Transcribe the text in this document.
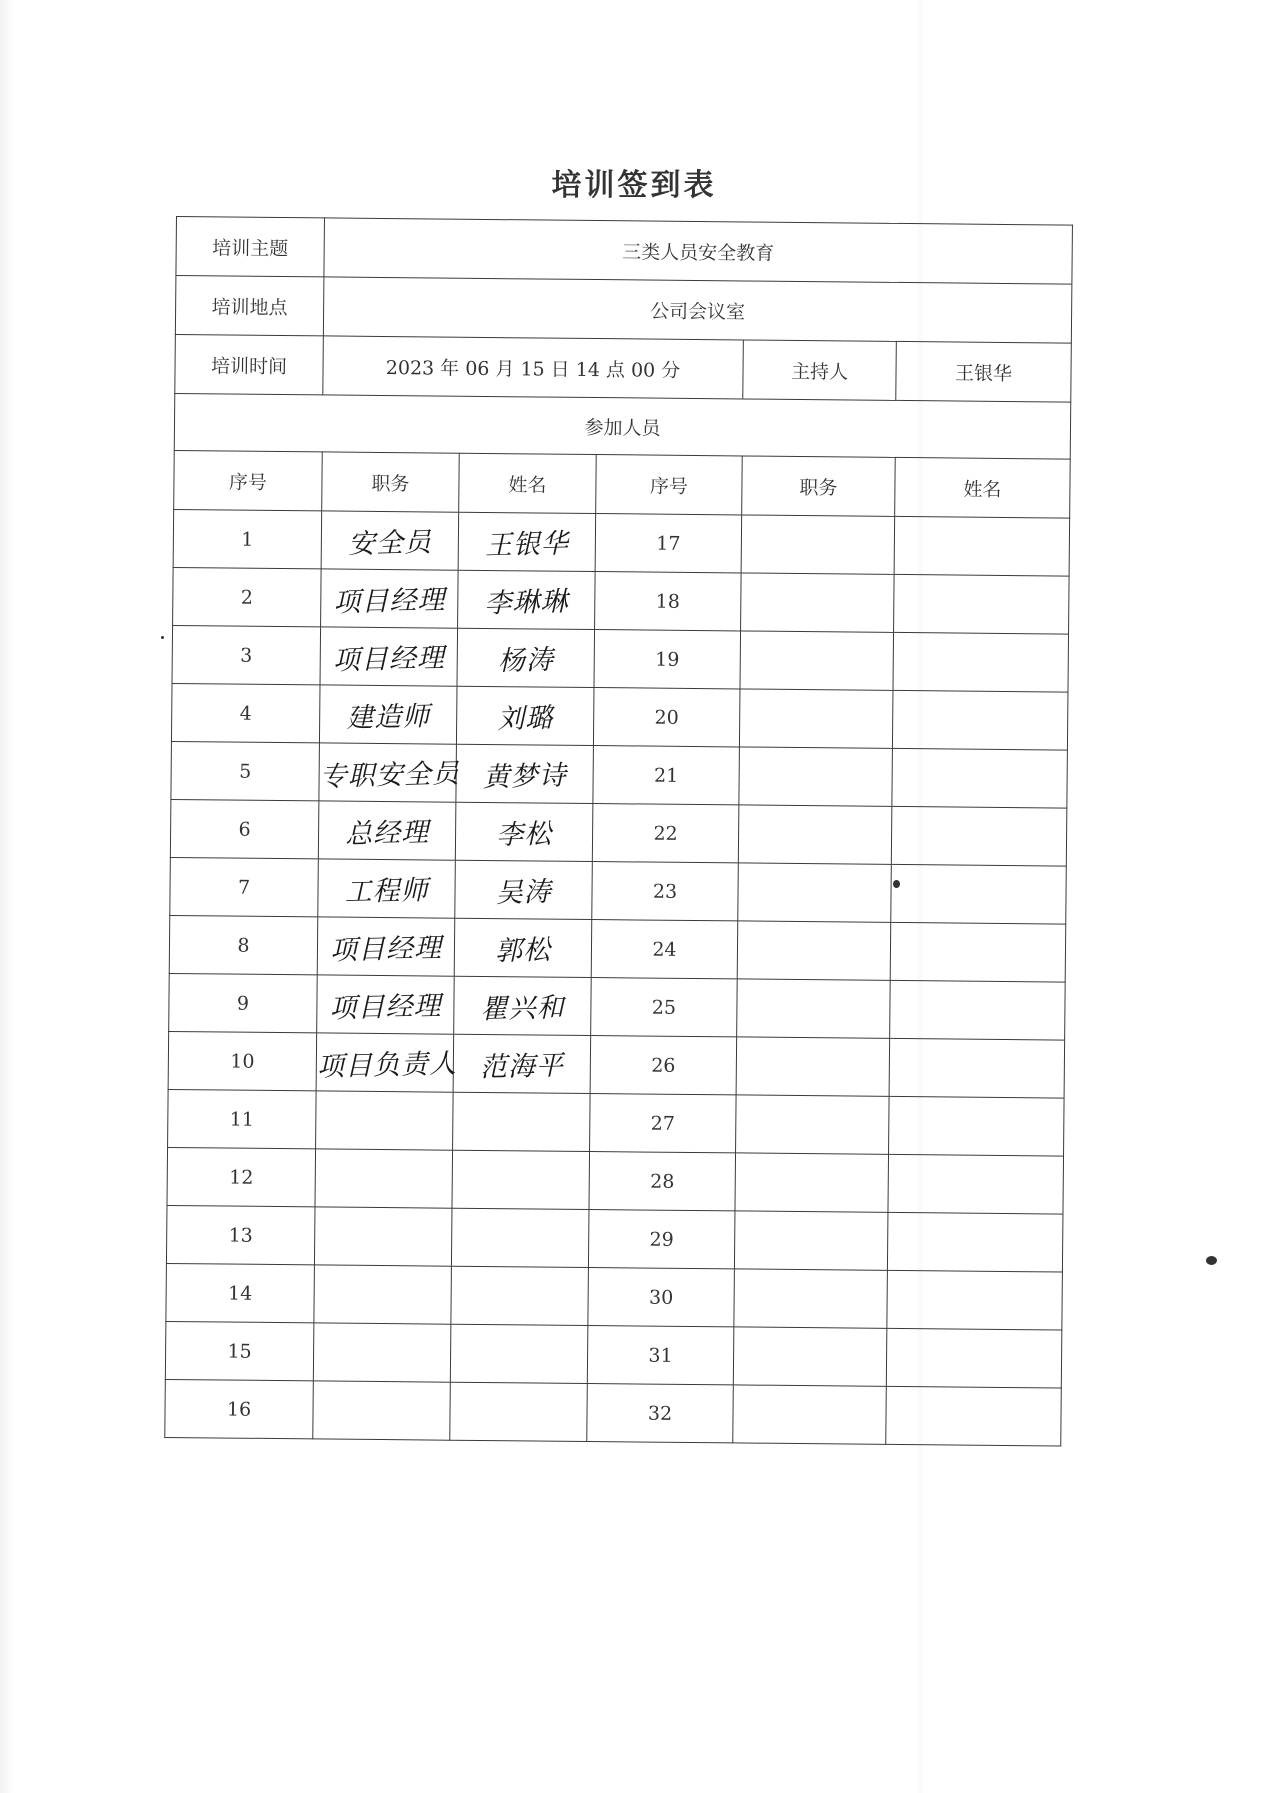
培训签到表
培训主题	三类人员安全教育				
培训地点	公司会议室				
培训时间	2023 年 06 月 15 日 14 点 00 分			主持人	王银华
参加人员					
序号	职务	姓名	序号	职务	姓名
1	安全员	王银华	17		
2	项目经理	李琳琳	18		
3	项目经理	杨涛	19		
4	建造师	刘璐	20		
5	专职安全员	黄梦诗	21		
6	总经理	李松	22		
7	工程师	吴涛	23		
8	项目经理	郭松	24		
9	项目经理	瞿兴和	25		
10	项目负责人	范海平	26		
11			27		
12			28		
13			29		
14			30		
15			31		
16			32		
